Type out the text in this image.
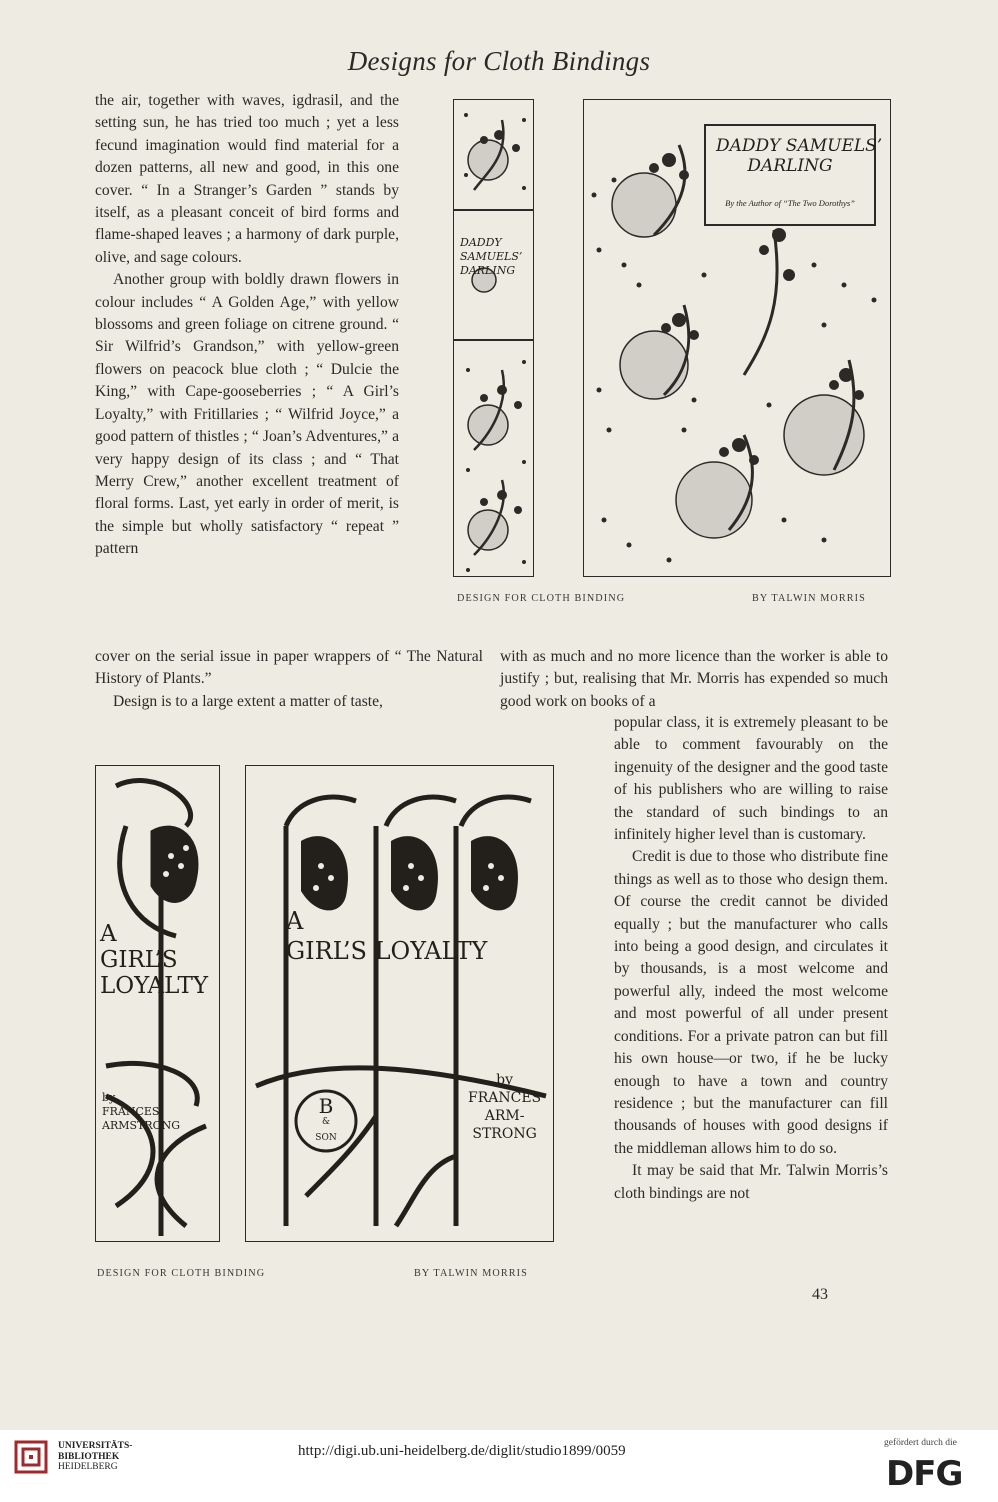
Designs for Cloth Bindings

the air, together with waves, igdrasil, and the setting sun, he has tried too much ; yet a less fecund imagination would find material for a dozen patterns, all new and good, in this one cover. “ In a Stranger’s Garden ” stands by itself, as a pleasant conceit of bird forms and flame-shaped leaves ; a harmony of dark purple, olive, and sage colours.

Another group with boldly drawn flowers in colour includes “ A Golden Age,” with yellow blossoms and green foliage on citrene ground. “ Sir Wilfrid’s Grandson,” with yellow-green flowers on peacock blue cloth ; “ Dulcie the King,” with Cape-gooseberries ; “ A Girl’s Loyalty,” with Fritillaries ; “ Wilfrid Joyce,” a good pattern of thistles ; “ Joan’s Adventures,” a very happy design of its class ; and “ That Merry Crew,” another excellent treatment of floral forms. Last, yet early in order of merit, is the simple but wholly satisfactory “ repeat ” pattern

DADDY
SAMUELS’
DARLING
DADDY SAMUELS’
DARLING
By the Author of “The Two Dorothys”
DESIGN FOR CLOTH BINDING	BY TALWIN MORRIS

cover on the serial issue in paper wrappers of “ The Natural History of Plants.”

Design is to a large extent a matter of taste,

with as much and no more licence than the worker is able to justify ; but, realising that Mr. Morris has expended so much good work on books of a

popular class, it is extremely pleasant to be able to comment favourably on the ingenuity of the designer and the good taste of his publishers who are willing to raise the standard of such bindings to an infinitely higher level than is customary.

Credit is due to those who distribute fine things as well as to those who design them. Of course the credit cannot be divided equally ; but the manufacturer who calls into being a good design, and circulates it by thousands, is a most welcome and powerful ally, indeed the most welcome and most powerful of all under present conditions. For a private patron can but fill his own house—or two, if he be lucky enough to have a town and country residence ; but the manufacturer can fill thousands of houses with good designs if the middleman allows him to do so.

It may be said that Mr. Talwin Morris’s cloth bindings are not

A
GIRL’S
LOYALTY
by
FRANCES
ARMSTRONG
A
GIRL’S LOYALTY
B
&
SON
by
FRANCES
ARM-
STRONG
DESIGN FOR CLOTH BINDING	BY TALWIN MORRIS
43
UNIVERSITÄTS-
BIBLIOTHEK
HEIDELBERG
http://digi.ub.uni-heidelberg.de/diglit/studio1899/0059	gefördert durch die
DFG
